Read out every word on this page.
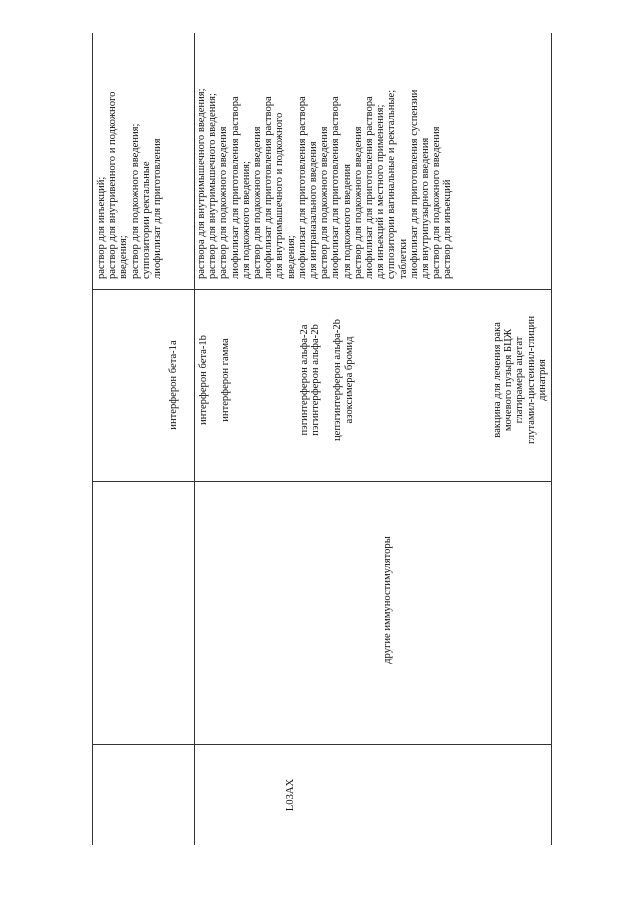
L03AX
другие иммуностимуляторы
интерферон бета-1a
раствор для инъекций; раствор для внутривенного и подкожного введения; раствор для подкожного введения; суппозитории ректальные лиофилизат для приготовления
интерферон бета-1b интерферон гамма	пэгинтерферон альфа-2a пэгинтерферон альфа-2b цепэгинтерферон альфа-2b азоксимера бромид	вакцина для лечения рака мочевого пузыря БЦЖ глатирамера ацетат глутамил-цистеинил-глицин динатрия
раствора для внутримышечного введения; раствор для внутримышечного введения; раствор для подкожного введения лиофилизат для приготовления раствора для подкожного введения; раствор для подкожного введения лиофилизат для приготовления раствора для внутримышечного и подкожного введения; лиофилизат для приготовления раствора для интраназального введения раствор для подкожного введения лиофилизат для приготовления раствора для подкожного введения раствор для подкожного введения лиофилизат для приготовления раствора для инъекций и местного применения; суппозитории вагинальные и ректальные; таблетки лиофилизат для приготовления суспензии для внутрипузырного введения раствор для подкожного введения раствор для инъекций
